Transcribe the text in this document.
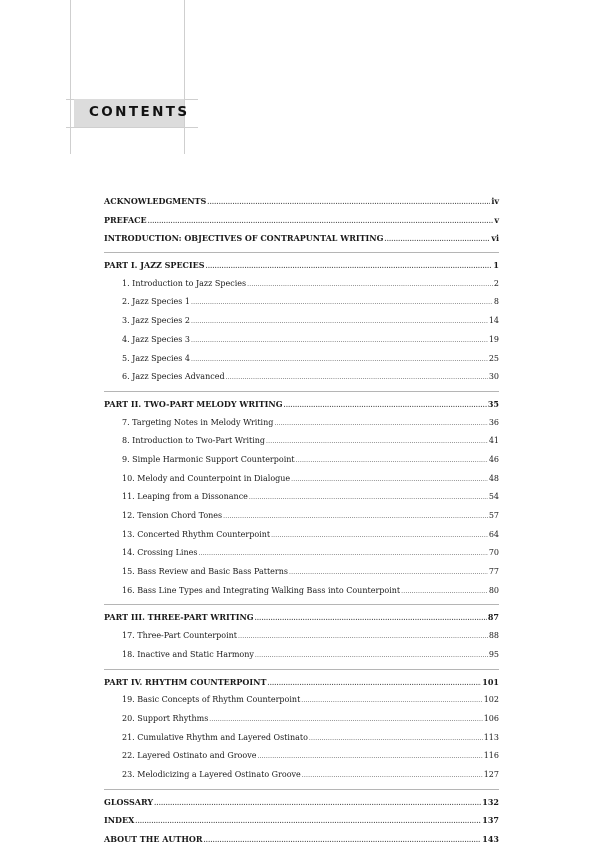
CONTENTS
ACKNOWLEDGMENTS .....	iv
PREFACE .....	v
INTRODUCTION: OBJECTIVES OF CONTRAPUNTAL WRITING .....	vi
PART I. JAZZ SPECIES .....	1
1. Introduction to Jazz Species .....	2
2. Jazz Species 1 .....	8
3. Jazz Species 2 .....	14
4. Jazz Species 3 .....	19
5. Jazz Species 4 .....	25
6. Jazz Species Advanced .....	30
PART II. TWO-PART MELODY WRITING .....	35
7. Targeting Notes in Melody Writing .....	36
8. Introduction to Two-Part Writing .....	41
9. Simple Harmonic Support Counterpoint .....	46
10. Melody and Counterpoint in Dialogue .....	48
11. Leaping from a Dissonance .....	54
12. Tension Chord Tones .....	57
13. Concerted Rhythm Counterpoint .....	64
14. Crossing Lines .....	70
15. Bass Review and Basic Bass Patterns .....	77
16. Bass Line Types and Integrating Walking Bass into Counterpoint .....	80
PART III. THREE-PART WRITING .....	87
17. Three-Part Counterpoint .....	88
18. Inactive and Static Harmony .....	95
PART IV. RHYTHM COUNTERPOINT .....	101
19. Basic Concepts of Rhythm Counterpoint .....	102
20. Support Rhythms .....	106
21. Cumulative Rhythm and Layered Ostinato .....	113
22. Layered Ostinato and Groove .....	116
23. Melodicizing a Layered Ostinato Groove .....	127
GLOSSARY .....	132
INDEX .....	137
ABOUT THE AUTHOR .....	143
